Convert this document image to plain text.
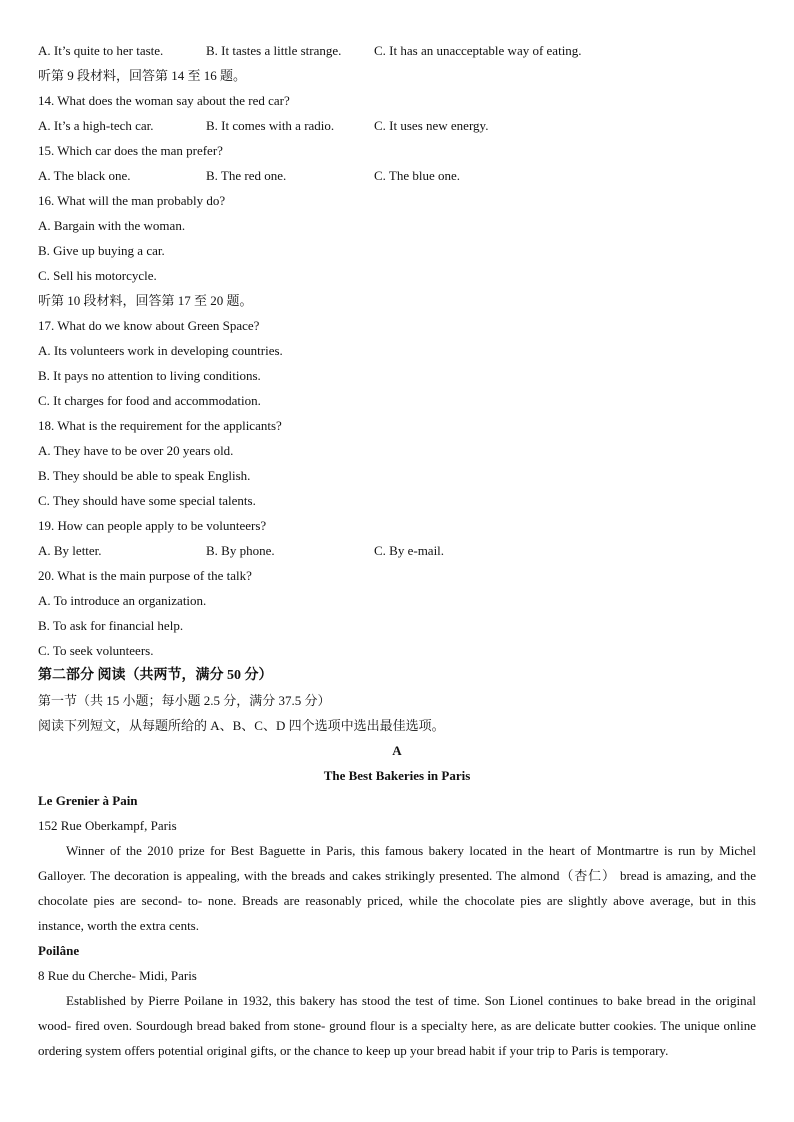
A. It’s quite to her taste.	B. It tastes a little strange.	C. It has an unacceptable way of eating.
听第 9 段材料，回答第 14 至 16 题。
14. What does the woman say about the red car?
A. It’s a high-tech car.	B. It comes with a radio.	C. It uses new energy.
15. Which car does the man prefer?
A. The black one.	B. The red one.	C. The blue one.
16. What will the man probably do?
A. Bargain with the woman.
B. Give up buying a car.
C. Sell his motorcycle.
听第 10 段材料，回答第 17 至 20 题。
17. What do we know about Green Space?
A. Its volunteers work in developing countries.
B. It pays no attention to living conditions.
C. It charges for food and accommodation.
18. What is the requirement for the applicants?
A. They have to be over 20 years old.
B. They should be able to speak English.
C. They should have some special talents.
19. How can people apply to be volunteers?
A. By letter.	B. By phone.	C. By e-mail.
20. What is the main purpose of the talk?
A. To introduce an organization.
B. To ask for financial help.
C. To seek volunteers.
第二部分 阅读（共两节，满分 50 分）
第一节（共 15 小题；每小题 2.5 分，满分 37.5 分）
阅读下列短文，从每题所给的 A、B、C、D 四个选项中选出最佳选项。
A
The Best Bakeries in Paris
Le Grenier à Pain
152 Rue Oberkampf, Paris

Winner of the 2010 prize for Best Baguette in Paris, this famous bakery located in the heart of Montmartre is run by Michel Galloyer. The decoration is appealing, with the breads and cakes strikingly presented. The almond（杏仁） bread is amazing, and the chocolate pies are second- to- none. Breads are reasonably priced, while the chocolate pies are slightly above average, but in this instance, worth the extra cents.

Poilâne
8 Rue du Cherche- Midi, Paris

Established by Pierre Poilane in 1932, this bakery has stood the test of time. Son Lionel continues to bake bread in the original wood- fired oven. Sourdough bread baked from stone- ground flour is a specialty here, as are delicate butter cookies. The unique online ordering system offers potential original gifts, or the chance to keep up your bread habit if your trip to Paris is temporary.
